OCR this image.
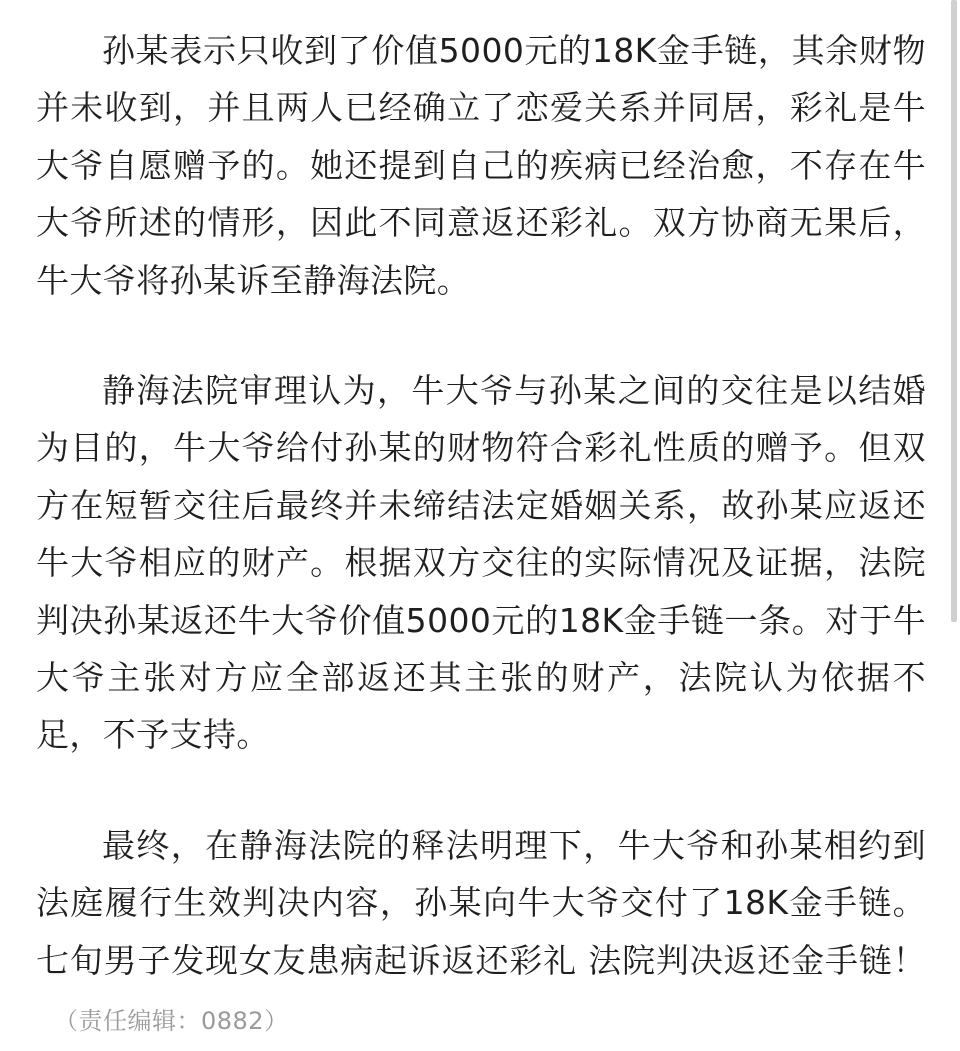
孙某表示只收到了价值5000元的18K金手链，其余财物并未收到，并且两人已经确立了恋爱关系并同居，彩礼是牛大爷自愿赠予的。她还提到自己的疾病已经治愈，不存在牛大爷所述的情形，因此不同意返还彩礼。双方协商无果后，牛大爷将孙某诉至静海法院。

静海法院审理认为，牛大爷与孙某之间的交往是以结婚为目的，牛大爷给付孙某的财物符合彩礼性质的赠予。但双方在短暂交往后最终并未缔结法定婚姻关系，故孙某应返还牛大爷相应的财产。根据双方交往的实际情况及证据，法院判决孙某返还牛大爷价值5000元的18K金手链一条。对于牛大爷主张对方应全部返还其主张的财产，法院认为依据不足，不予支持。

最终，在静海法院的释法明理下，牛大爷和孙某相约到法庭履行生效判决内容，孙某向牛大爷交付了18K金手链。七旬男子发现女友患病起诉返还彩礼 法院判决返还金手链！（责任编辑：0882）
